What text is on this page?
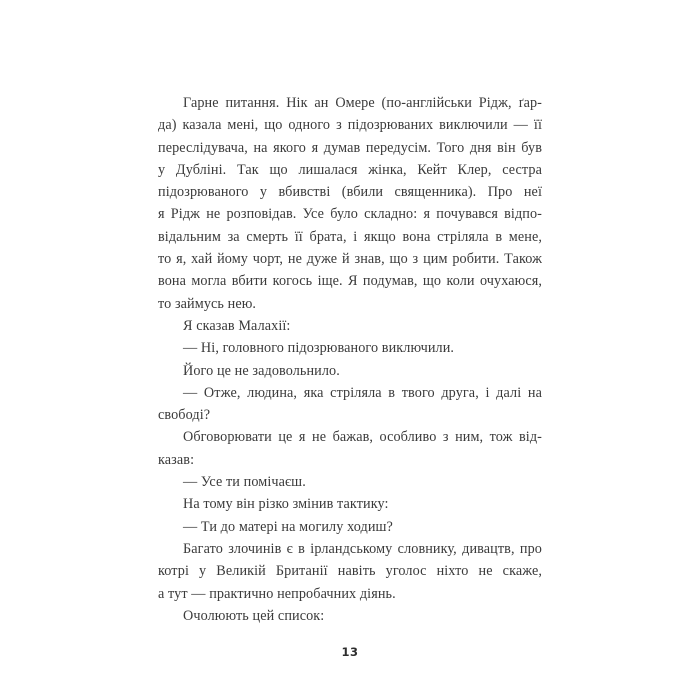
Гарне питання. Нік ан Омере (по-англійськи Рідж, ґар-
да) казала мені, що одного з підозрюваних виключили — її
переслідувача, на якого я думав передусім. Того дня він був
у Дубліні. Так що лишалася жінка, Кейт Клер, сестра
підозрюваного у вбивстві (вбили священника). Про неї
я Рідж не розповідав. Усе було складно: я почувався відпо-
відальним за смерть її брата, і якщо вона стріляла в мене,
то я, хай йому чорт, не дуже й знав, що з цим робити. Також
вона могла вбити когось іще. Я подумав, що коли очухаюся,
то займусь нею.
Я сказав Малахії:
— Ні, головного підозрюваного виключили.
Його це не задовольнило.
— Отже, людина, яка стріляла в твого друга, і далі на
свободі?
Обговорювати це я не бажав, особливо з ним, тож від-
казав:
— Усе ти помічаєш.
На тому він різко змінив тактику:
— Ти до матері на могилу ходиш?
Багато злочинів є в ірландському словнику, дивацтв, про
котрі у Великій Британії навіть уголос ніхто не скаже,
а тут — практично непробачних діянь.
Очолюють цей список:
13
